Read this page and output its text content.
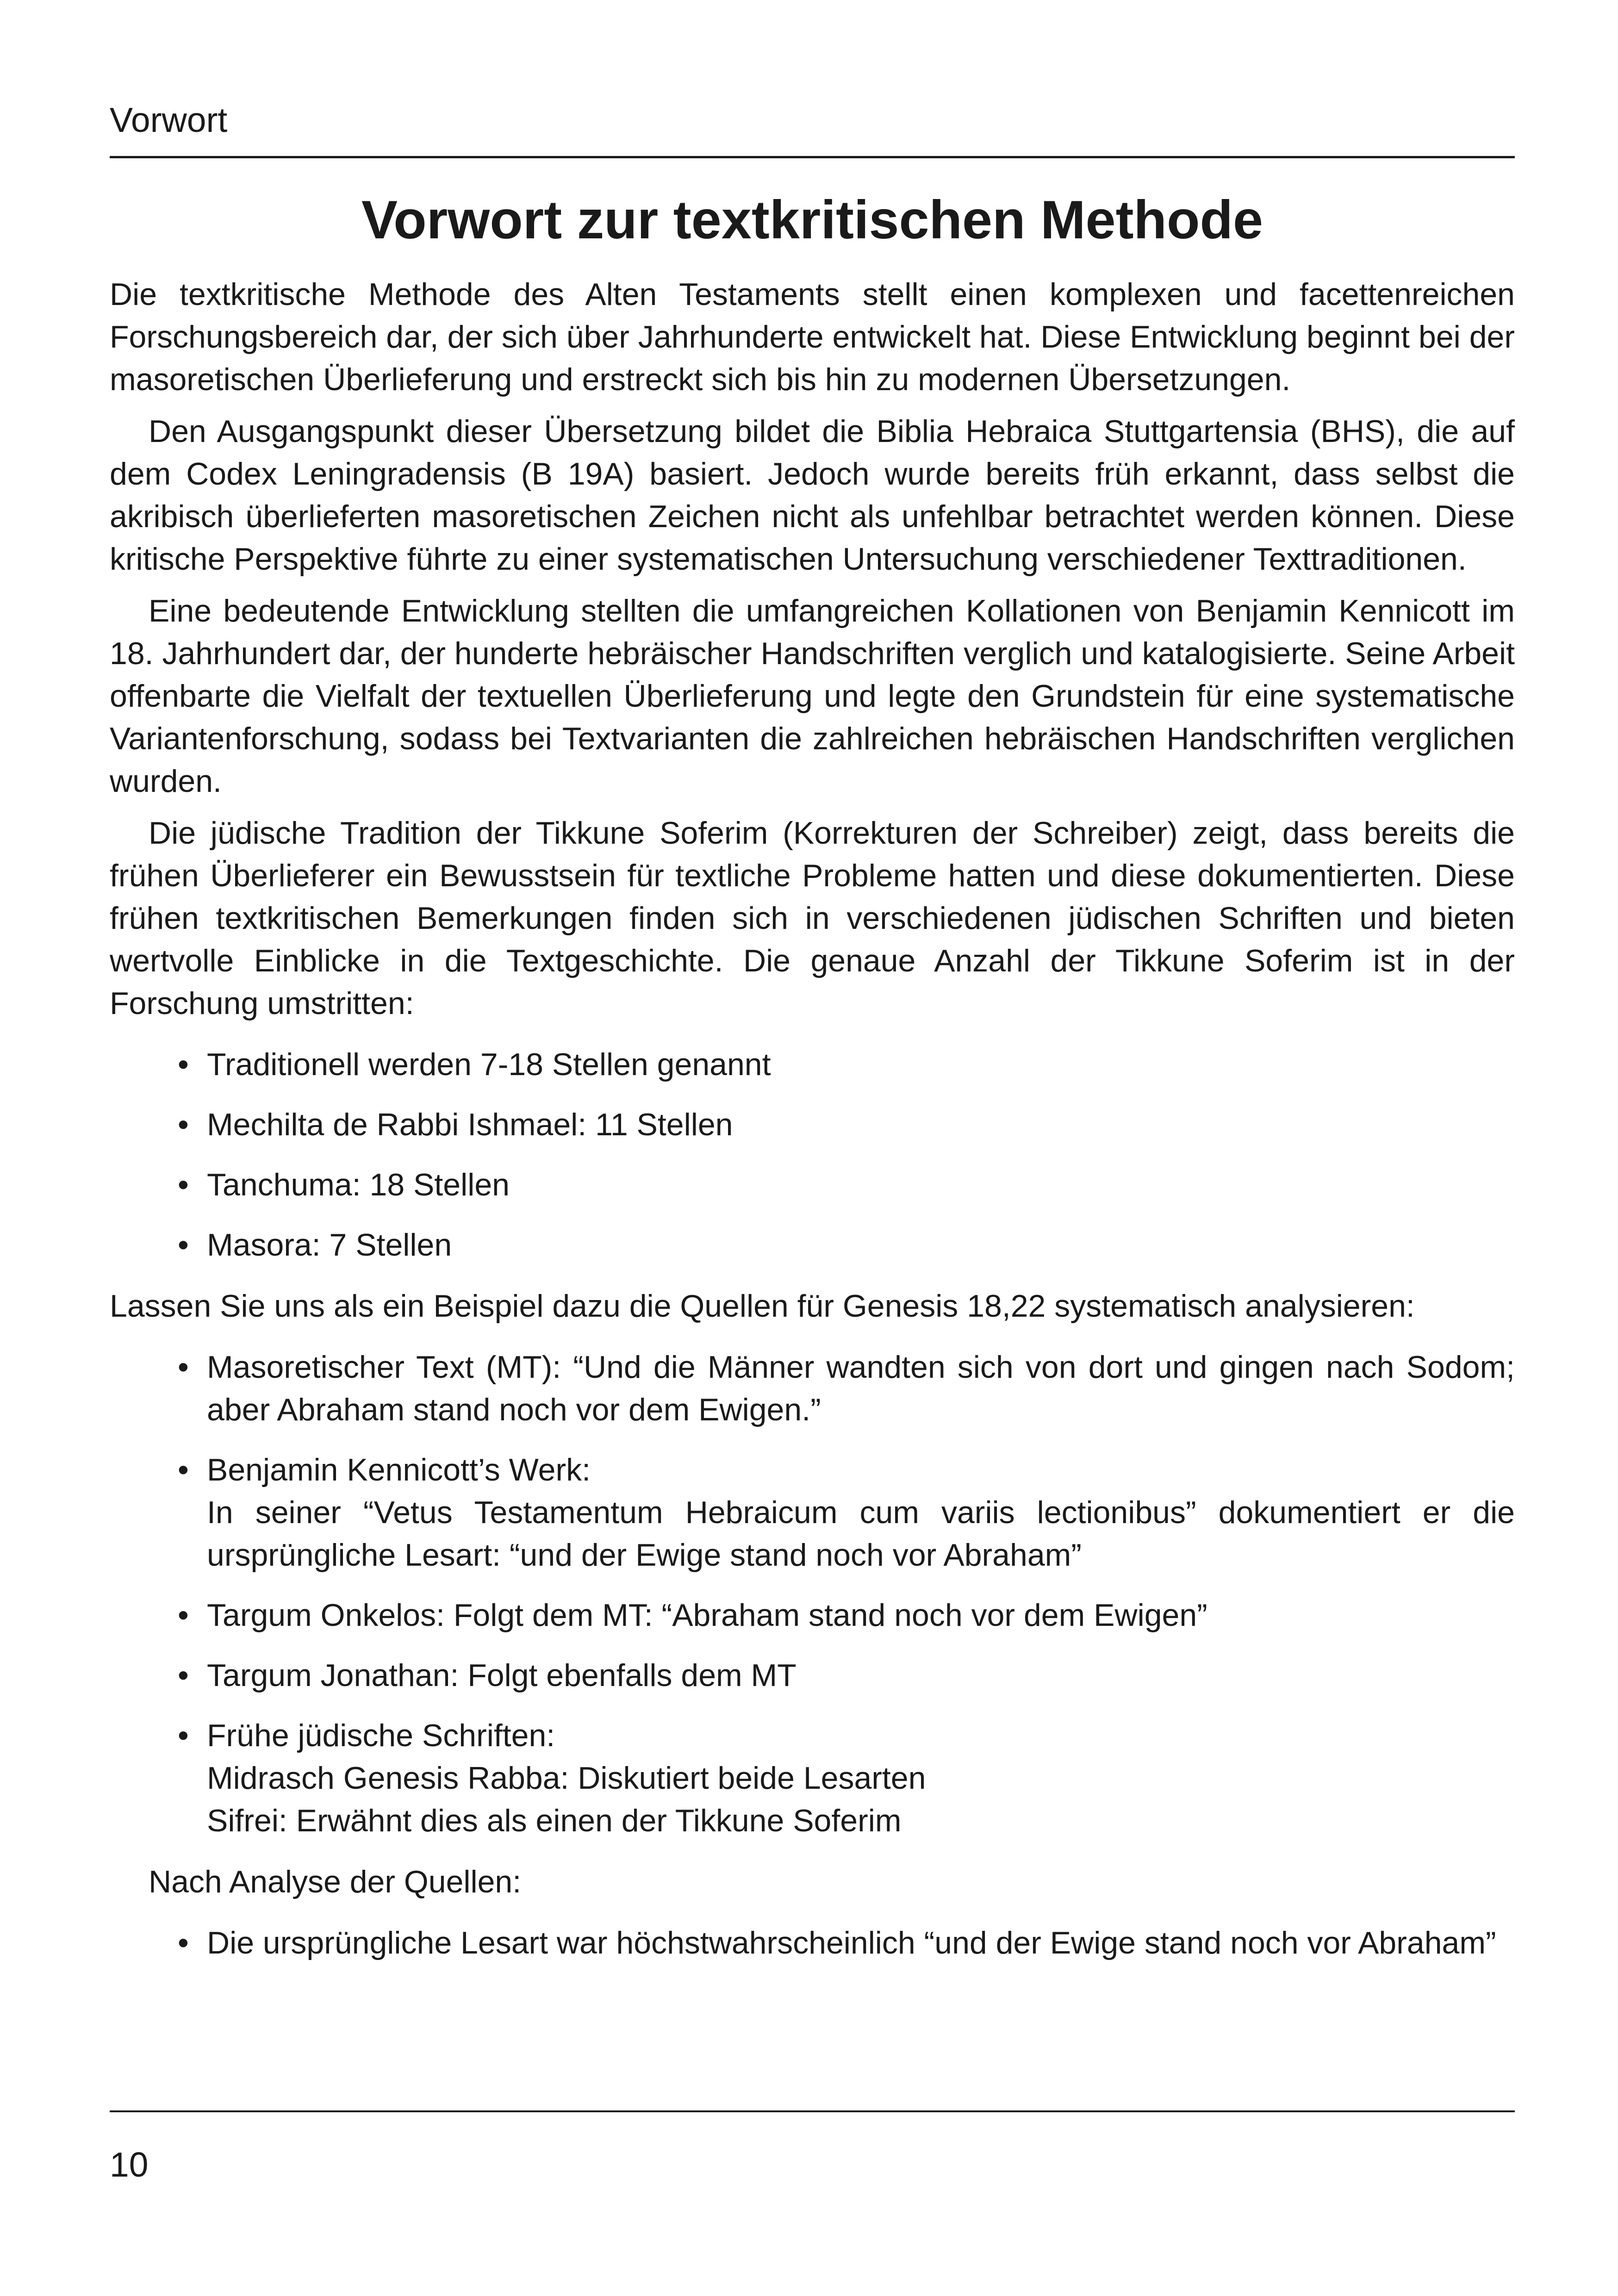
Vorwort
Vorwort zur textkritischen Methode

Die textkritische Methode des Alten Testaments stellt einen komplexen und facettenreichen Forschungsbereich dar, der sich über Jahrhunderte entwickelt hat. Diese Entwicklung beginnt bei der masoretischen Überlieferung und erstreckt sich bis hin zu modernen Übersetzungen.

Den Ausgangspunkt dieser Übersetzung bildet die Biblia Hebraica Stuttgartensia (BHS), die auf dem Codex Leningradensis (B 19A) basiert. Jedoch wurde bereits früh erkannt, dass selbst die akribisch überlieferten masoretischen Zeichen nicht als unfehlbar betrachtet werden können. Diese kritische Perspektive führte zu einer systematischen Untersuchung verschiedener Texttraditionen.

Eine bedeutende Entwicklung stellten die umfangreichen Kollationen von Benjamin Kennicott im 18. Jahrhundert dar, der hunderte hebräischer Handschriften verglich und katalogisierte. Seine Arbeit offenbarte die Vielfalt der textuellen Überlieferung und legte den Grundstein für eine systematische Variantenforschung, sodass bei Textvarianten die zahlreichen hebräischen Handschriften verglichen wurden.

Die jüdische Tradition der Tikkune Soferim (Korrekturen der Schreiber) zeigt, dass bereits die frühen Überlieferer ein Bewusstsein für textliche Probleme hatten und diese dokumentierten. Diese frühen textkritischen Bemerkungen finden sich in verschiedenen jüdischen Schriften und bieten wertvolle Einblicke in die Textgeschichte. Die genaue Anzahl der Tikkune Soferim ist in der Forschung umstritten:

• Traditionell werden 7-18 Stellen genannt
• Mechilta de Rabbi Ishmael: 11 Stellen
• Tanchuma: 18 Stellen
• Masora: 7 Stellen

Lassen Sie uns als ein Beispiel dazu die Quellen für Genesis 18,22 systematisch analysieren:

• Masoretischer Text (MT): “Und die Männer wandten sich von dort und gingen nach Sodom; aber Abraham stand noch vor dem Ewigen.”
• Benjamin Kennicott’s Werk:
In seiner “Vetus Testamentum Hebraicum cum variis lectionibus” dokumentiert er die ursprüngliche Lesart: “und der Ewige stand noch vor Abraham”
• Targum Onkelos: Folgt dem MT: “Abraham stand noch vor dem Ewigen”
• Targum Jonathan: Folgt ebenfalls dem MT
• Frühe jüdische Schriften:
Midrasch Genesis Rabba: Diskutiert beide Lesarten
Sifrei: Erwähnt dies als einen der Tikkune Soferim

Nach Analyse der Quellen:

• Die ursprüngliche Lesart war höchstwahrscheinlich “und der Ewige stand noch vor Abraham”
10
